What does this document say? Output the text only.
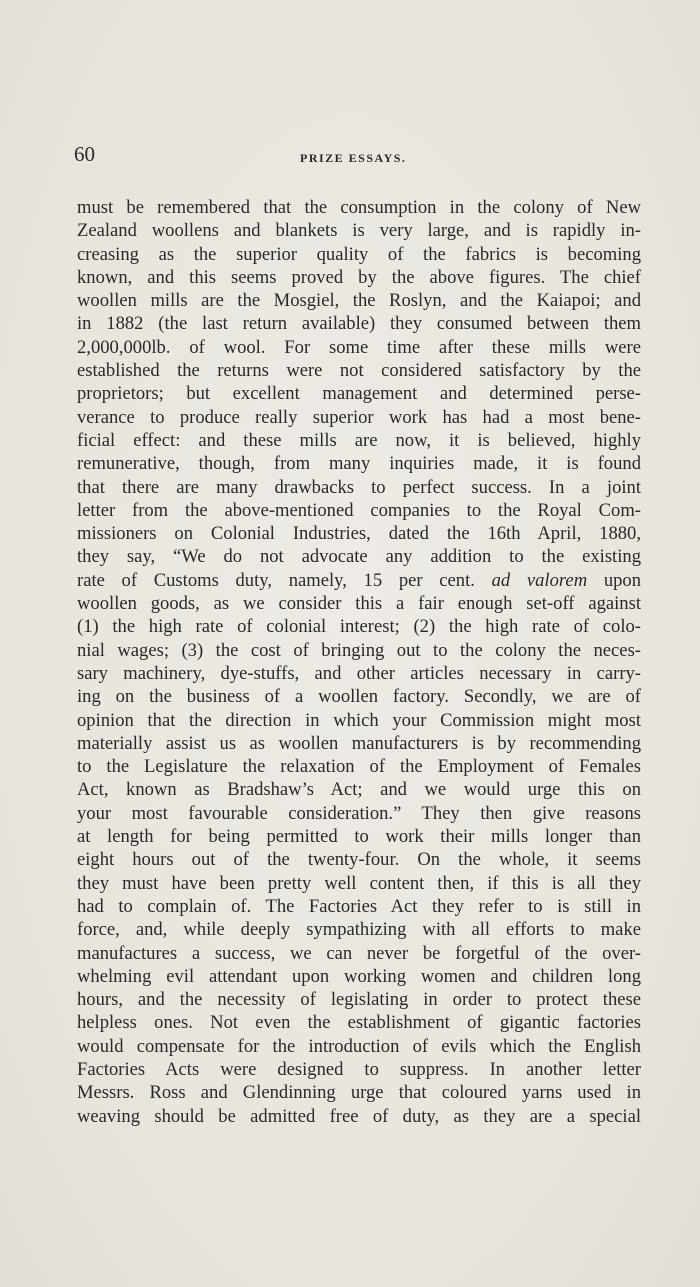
60	PRIZE ESSAYS.
must be remembered that the consumption in the colony of New
Zealand woollens and blankets is very large, and is rapidly in-
creasing as the superior quality of the fabrics is becoming
known, and this seems proved by the above figures. The chief
woollen mills are the Mosgiel, the Roslyn, and the Kaiapoi; and
in 1882 (the last return available) they consumed between them
2,000,000lb. of wool. For some time after these mills were
established the returns were not considered satisfactory by the
proprietors; but excellent management and determined perse-
verance to produce really superior work has had a most bene-
ficial effect: and these mills are now, it is believed, highly
remunerative, though, from many inquiries made, it is found
that there are many drawbacks to perfect success. In a joint
letter from the above-mentioned companies to the Royal Com-
missioners on Colonial Industries, dated the 16th April, 1880,
they say, “We do not advocate any addition to the existing
rate of Customs duty, namely, 15 per cent. ad valorem upon
woollen goods, as we consider this a fair enough set-off against
(1) the high rate of colonial interest; (2) the high rate of colo-
nial wages; (3) the cost of bringing out to the colony the neces-
sary machinery, dye-stuffs, and other articles necessary in carry-
ing on the business of a woollen factory. Secondly, we are of
opinion that the direction in which your Commission might most
materially assist us as woollen manufacturers is by recommending
to the Legislature the relaxation of the Employment of Females
Act, known as Bradshaw’s Act; and we would urge this on
your most favourable consideration.” They then give reasons
at length for being permitted to work their mills longer than
eight hours out of the twenty-four. On the whole, it seems
they must have been pretty well content then, if this is all they
had to complain of. The Factories Act they refer to is still in
force, and, while deeply sympathizing with all efforts to make
manufactures a success, we can never be forgetful of the over-
whelming evil attendant upon working women and children long
hours, and the necessity of legislating in order to protect these
helpless ones. Not even the establishment of gigantic factories
would compensate for the introduction of evils which the English
Factories Acts were designed to suppress. In another letter
Messrs. Ross and Glendinning urge that coloured yarns used in
weaving should be admitted free of duty, as they are a special
